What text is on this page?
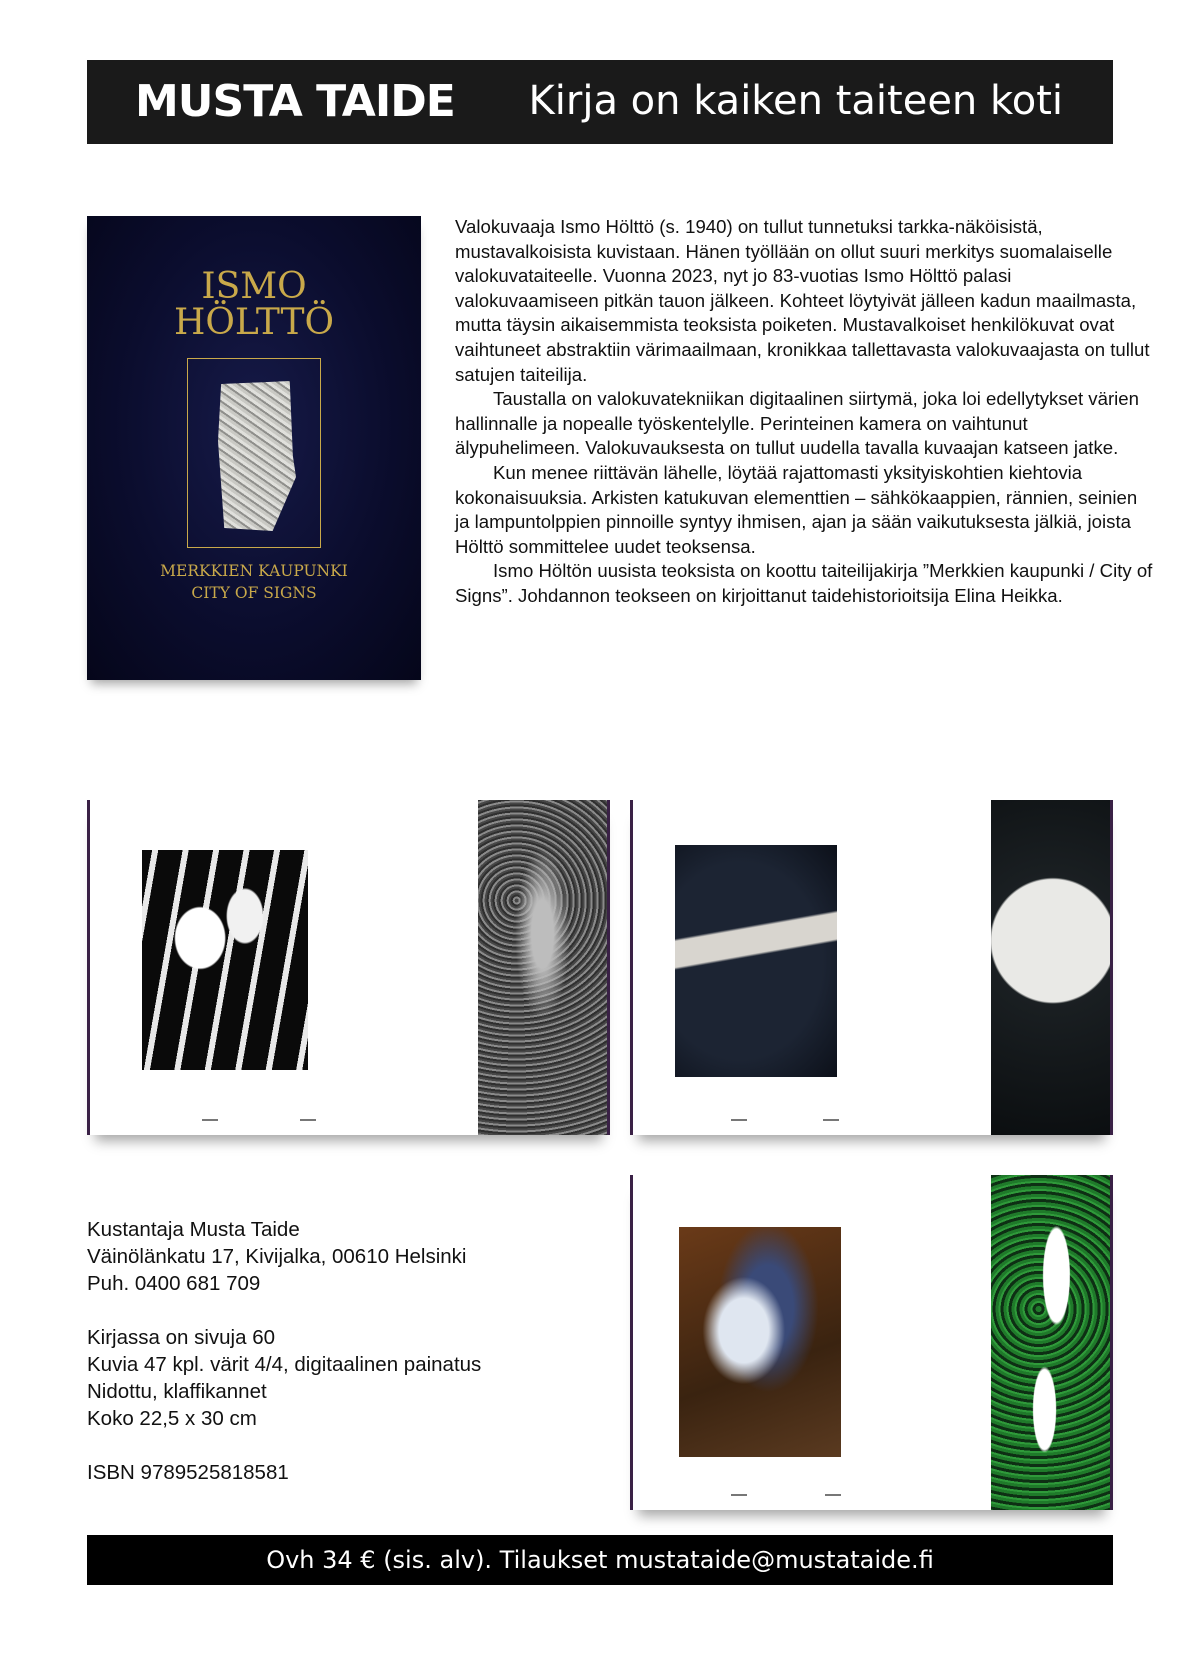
MUSTA TAIDE Kirja on kaiken taiteen koti
ISMO
HÖLTTÖ
MERKKIEN KAUPUNKI
CITY OF SIGNS

Valokuvaaja Ismo Hölttö (s. 1940) on tullut tunnetuksi tarkka-näköisistä, mustavalkoisista kuvistaan. Hänen työllään on ollut suuri merkitys suomalaiselle valokuvataiteelle. Vuonna 2023, nyt jo 83-vuotias Ismo Hölttö palasi valokuvaamiseen pitkän tauon jälkeen. Kohteet löytyivät jälleen kadun maailmasta, mutta täysin aikaisemmista teoksista poiketen. Mustavalkoiset henkilökuvat ovat vaihtuneet abstraktiin värimaailmaan, kronikkaa tallettavasta valokuvaajasta on tullut satujen taiteilija.

Taustalla on valokuvatekniikan digitaalinen siirtymä, joka loi edellytykset värien hallinnalle ja nopealle työskentelylle. Perinteinen kamera on vaihtunut älypuhelimeen. Valokuvauksesta on tullut uudella tavalla kuvaajan katseen jatke.

Kun menee riittävän lähelle, löytää rajattomasti yksityiskohtien kiehtovia kokonaisuuksia. Arkisten katukuvan elementtien – sähkökaappien, rännien, seinien ja lampuntolppien pinnoille syntyy ihmisen, ajan ja sään vaikutuksesta jälkiä, joista Hölttö sommittelee uudet teoksensa.

Ismo Höltön uusista teoksista on koottu taiteilijakirja ”Merkkien kaupunki / City of Signs”. Johdannon teokseen on kirjoittanut taidehistorioitsija Elina Heikka.

Kustantaja Musta Taide
Väinölänkatu 17, Kivijalka, 00610 Helsinki
Puh. 0400 681 709
Kirjassa on sivuja 60
Kuvia 47 kpl. värit 4/4, digitaalinen painatus
Nidottu, klaffikannet
Koko 22,5 x 30 cm
ISBN 9789525818581
Ovh 34 € (sis. alv). Tilaukset mustataide@mustataide.fi
